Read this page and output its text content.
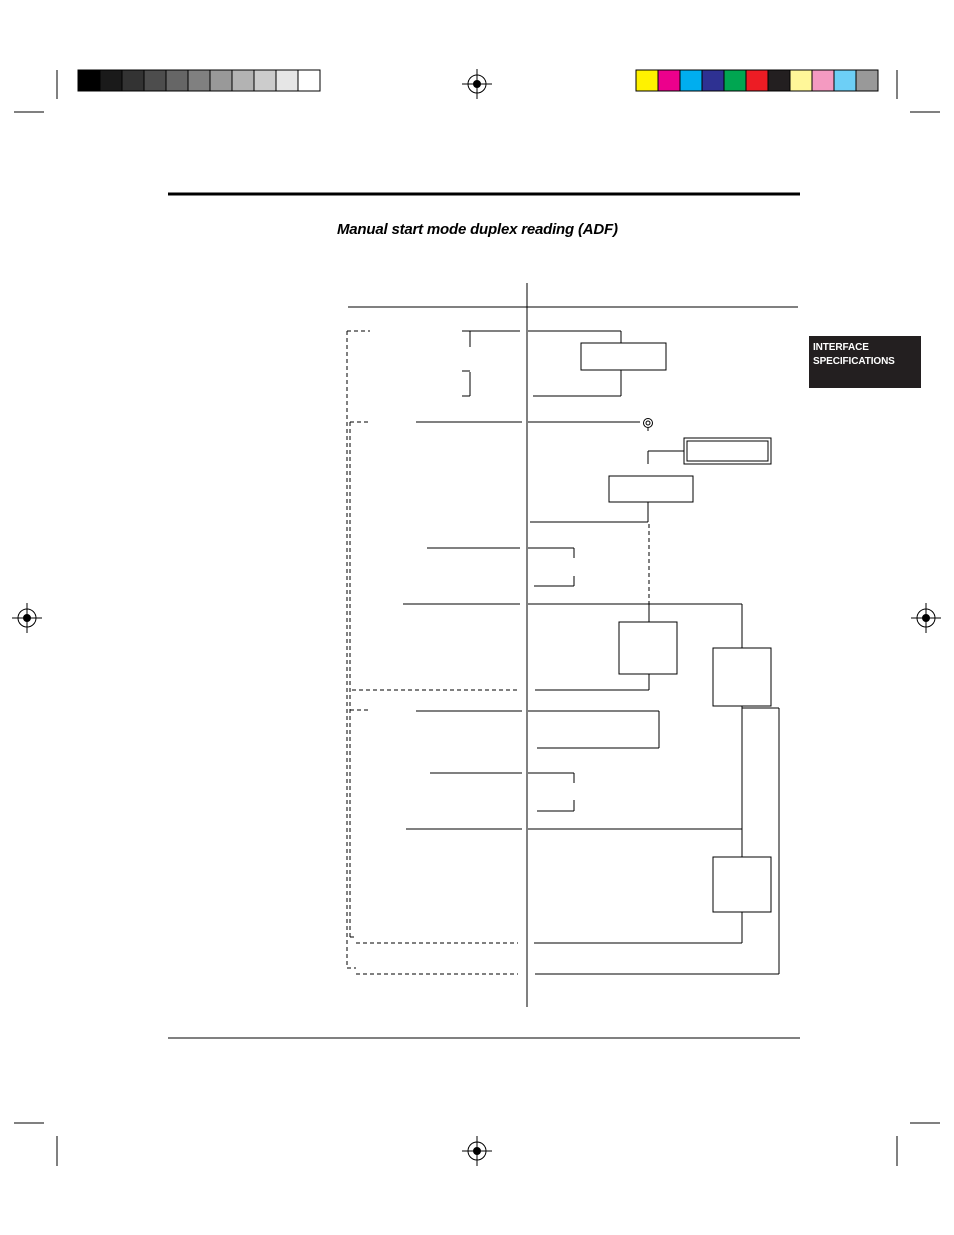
Manual start mode duplex reading (ADF)
INTERFACE
SPECIFICATIONS
